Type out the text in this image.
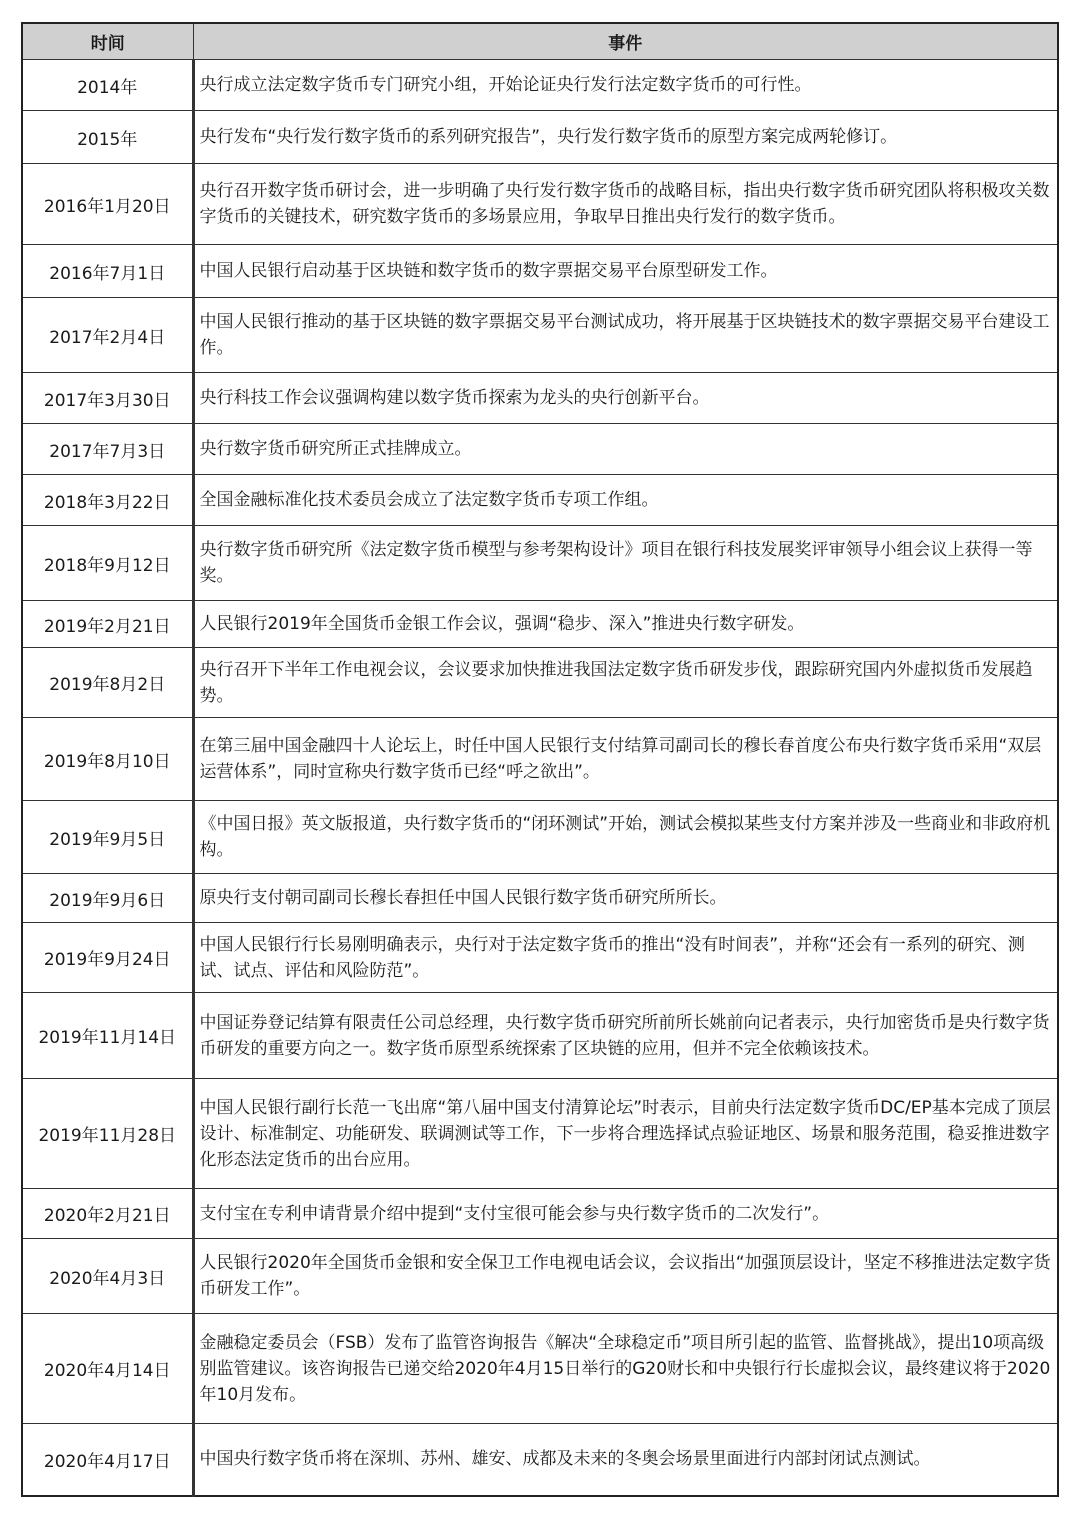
时间	事件
2014年	央行成立法定数字货币专门研究小组，开始论证央行发行法定数字货币的可行性。
2015年	央行发布“央行发行数字货币的系列研究报告”，央行发行数字货币的原型方案完成两轮修订。
2016年1月20日	央行召开数字货币研讨会，进一步明确了央行发行数字货币的战略目标，指出央行数字货币研究团队将积极攻关数字货币的关键技术，研究数字货币的多场景应用，争取早日推出央行发行的数字货币。
2016年7月1日	中国人民银行启动基于区块链和数字货币的数字票据交易平台原型研发工作。
2017年2月4日	中国人民银行推动的基于区块链的数字票据交易平台测试成功，将开展基于区块链技术的数字票据交易平台建设工作。
2017年3月30日	央行科技工作会议强调构建以数字货币探索为龙头的央行创新平台。
2017年7月3日	央行数字货币研究所正式挂牌成立。
2018年3月22日	全国金融标准化技术委员会成立了法定数字货币专项工作组。
2018年9月12日	央行数字货币研究所《法定数字货币模型与参考架构设计》项目在银行科技发展奖评审领导小组会议上获得一等奖。
2019年2月21日	人民银行2019年全国货币金银工作会议，强调“稳步、深入”推进央行数字研发。
2019年8月2日	央行召开下半年工作电视会议，会议要求加快推进我国法定数字货币研发步伐，跟踪研究国内外虚拟货币发展趋势。
2019年8月10日	在第三届中国金融四十人论坛上，时任中国人民银行支付结算司副司长的穆长春首度公布央行数字货币采用“双层运营体系”，同时宣称央行数字货币已经“呼之欲出”。
2019年9月5日	《中国日报》英文版报道，央行数字货币的“闭环测试”开始，测试会模拟某些支付方案并涉及一些商业和非政府机构。
2019年9月6日	原央行支付朝司副司长穆长春担任中国人民银行数字货币研究所所长。
2019年9月24日	中国人民银行行长易刚明确表示，央行对于法定数字货币的推出“没有时间表”，并称“还会有一系列的研究、测试、试点、评估和风险防范”。
2019年11月14日	中国证券登记结算有限责任公司总经理，央行数字货币研究所前所长姚前向记者表示，央行加密货币是央行数字货币研发的重要方向之一。数字货币原型系统探索了区块链的应用，但并不完全依赖该技术。
2019年11月28日	中国人民银行副行长范一飞出席“第八届中国支付清算论坛”时表示，目前央行法定数字货币DC/EP基本完成了顶层设计、标准制定、功能研发、联调测试等工作，下一步将合理选择试点验证地区、场景和服务范围，稳妥推进数字化形态法定货币的出台应用。
2020年2月21日	支付宝在专利申请背景介绍中提到“支付宝很可能会参与央行数字货币的二次发行”。
2020年4月3日	人民银行2020年全国货币金银和安全保卫工作电视电话会议，会议指出“加强顶层设计，坚定不移推进法定数字货币研发工作”。
2020年4月14日	金融稳定委员会（FSB）发布了监管咨询报告《解决“全球稳定币”项目所引起的监管、监督挑战》，提出10项高级别监管建议。该咨询报告已递交给2020年4月15日举行的G20财长和中央银行行长虚拟会议，最终建议将于2020年10月发布。
2020年4月17日	中国央行数字货币将在深圳、苏州、雄安、成都及未来的冬奥会场景里面进行内部封闭试点测试。
